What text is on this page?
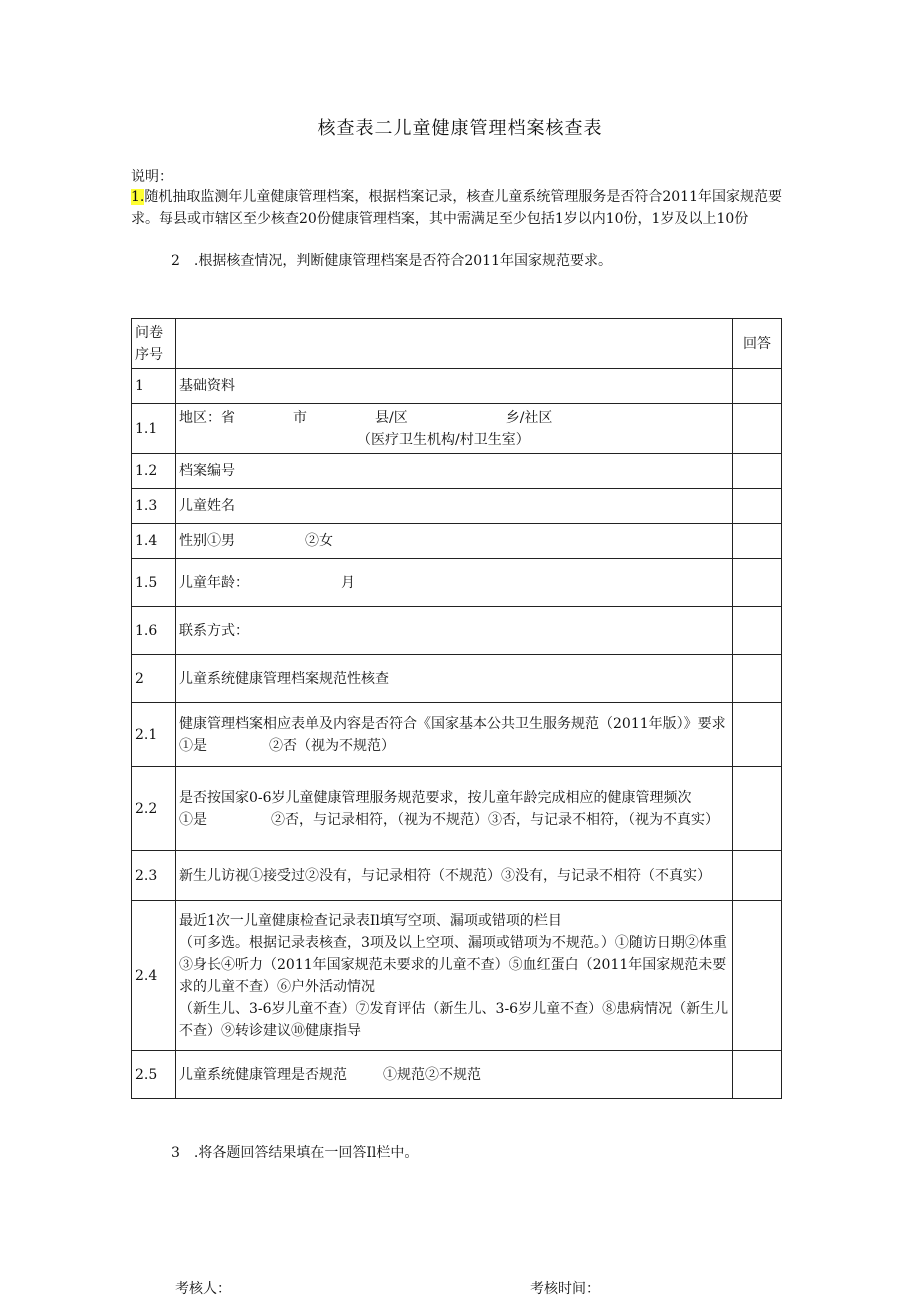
核查表二儿童健康管理档案核查表
说明：
1.随机抽取监测年儿童健康管理档案，根据档案记录，核查儿童系统管理服务是否符合2011年国家规范要求。每县或市辖区至少核查20份健康管理档案，其中需满足至少包括1岁以内10份，1岁及以上10份
2　.根据核查情况，判断健康管理档案是否符合2011年国家规范要求。
问卷序号		回答
1	基础资料	
1.1	地区：省 市 县/区 乡/社区
（医疗卫生机构/村卫生室）	

1.2	档案编号	
1.3	儿童姓名	
1.4	性别①男 ②女	
1.5	儿童年龄： 月	
1.6	联系方式：	
2	儿童系统健康管理档案规范性核查	
2.1	健康管理档案相应表单及内容是否符合《国家基本公共卫生服务规范（2011年版）》要求
①是 ②否（视为不规范）	

2.2	是否按国家0-6岁儿童健康管理服务规范要求，按儿童年龄完成相应的健康管理频次
①是 ②否，与记录相符，（视为不规范）③否，与记录不相符，（视为不真实）	

2.3	新生儿访视①接受过②没有，与记录相符（不规范）③没有，与记录不相符（不真实）	
2.4	最近1次一儿童健康检查记录表Il填写空项、漏项或错项的栏目
（可多选。根据记录表核查，3项及以上空项、漏项或错项为不规范。）①随访日期②体重③身长④听力（2011年国家规范未要求的儿童不查）⑤血红蛋白（2011年国家规范未要求的儿童不查）⑥户外活动情况
（新生儿、3-6岁儿童不查）⑦发育评估（新生儿、3-6岁儿童不查）⑧患病情况（新生儿不查）⑨转诊建议⑩健康指导	

2.5	儿童系统健康管理是否规范 ①规范②不规范	
3　.将各题回答结果填在一回答Il栏中。
考核人：	考核时间：
